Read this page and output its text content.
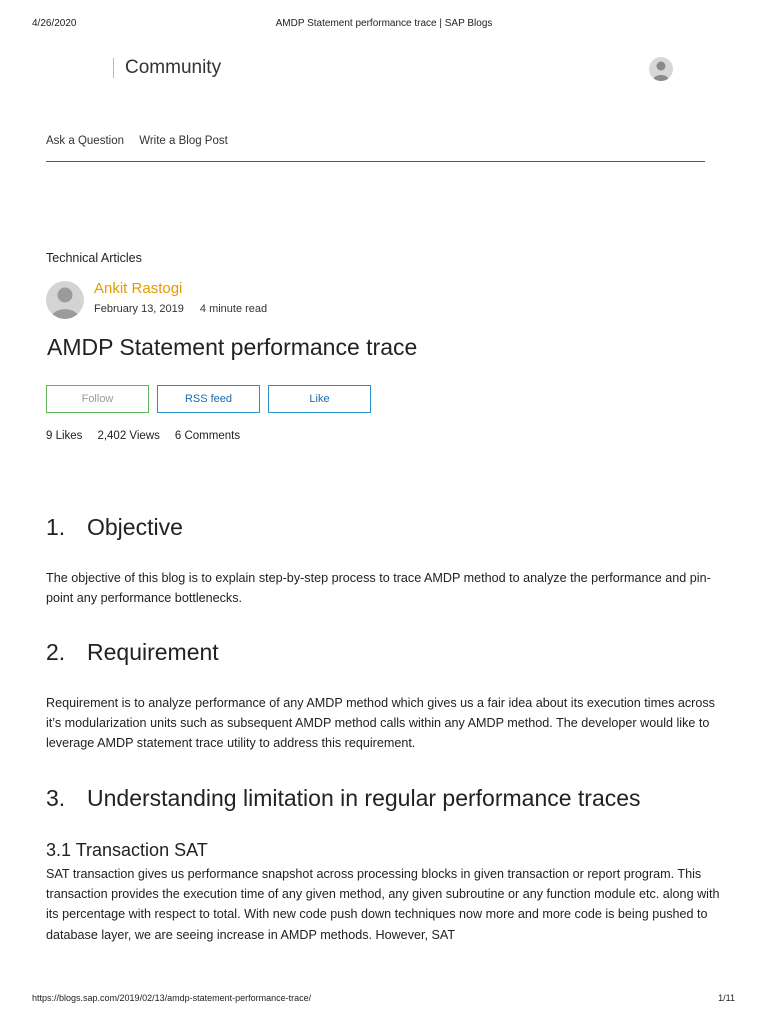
4/26/2020	AMDP Statement performance trace | SAP Blogs
Community
Ask a Question Write a Blog Post
Technical Articles
Ankit Rastogi
February 13, 2019 4 minute read
AMDP Statement performance trace
Follow	RSS feed	Like
9 Likes 2,402 Views 6 Comments
1. Objective

The objective of this blog is to explain step-by-step process to trace AMDP method to analyze the performance and pin-point any performance bottlenecks.

2. Requirement

Requirement is to analyze performance of any AMDP method which gives us a fair idea about its execution times across it’s modularization units such as subsequent AMDP method calls within any AMDP method. The developer would like to leverage AMDP statement trace utility to address this requirement.

3. Understanding limitation in regular performance traces
3.1 Transaction SAT

SAT transaction gives us performance snapshot across processing blocks in given transaction or report program. This transaction provides the execution time of any given method, any given subroutine or any function module etc. along with its percentage with respect to total. With new code push down techniques now more and more code is being pushed to database layer, we are seeing increase in AMDP methods. However, SAT

https://blogs.sap.com/2019/02/13/amdp-statement-performance-trace/	1/11
